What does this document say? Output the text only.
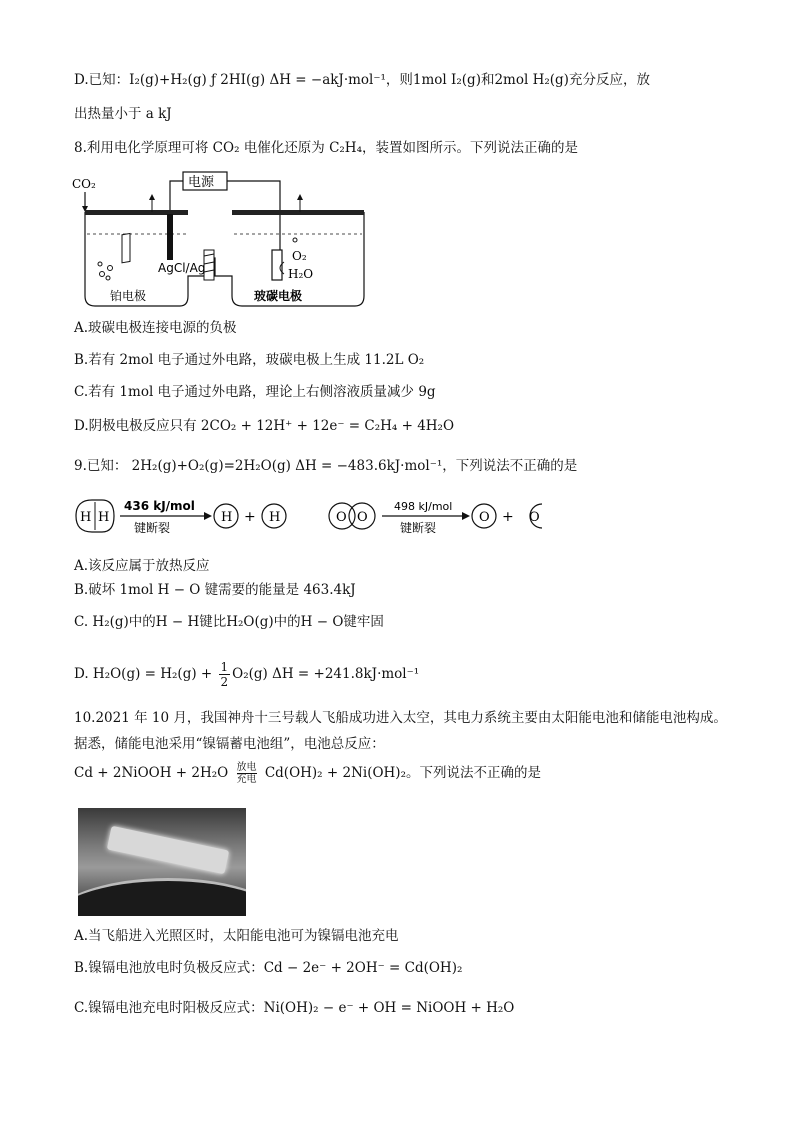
D.已知：I₂(g)+H₂(g) ƒ 2HI(g) ΔH = −akJ·mol⁻¹，则1mol I₂(g)和2mol H₂(g)充分反应，放
出热量小于 a kJ
8.利用电化学原理可将 CO₂ 电催化还原为 C₂H₄，装置如图所示。下列说法正确的是
CO₂	电源
AgCl/Ag
铂电极
O₂
H₂O
玻碳电极
A.玻碳电极连接电源的负极
B.若有 2mol 电子通过外电路，玻碳电极上生成 11.2L O₂
C.若有 1mol 电子通过外电路，理论上右侧溶液质量减少 9g
D.阴极电极反应只有 2CO₂ + 12H⁺ + 12e⁻ = C₂H₄ + 4H₂O
9.已知： 2H₂(g)+O₂(g)=2H₂O(g) ΔH = −483.6kJ·mol⁻¹，下列说法不正确的是
H H
436 kJ/mol
键断裂
H + H	O O
498 kJ/mol
键断裂
O + O
A.该反应属于放热反应
B.破坏 1mol H − O 键需要的能量是 463.4kJ
C. H₂(g)中的H − H键比H₂O(g)中的H − O键牢固
D. $H_2O(g) = H_2(g) + \frac{1}{2} O_2(g) \Delta H = +241.8kJ\cdot mol^{-1}$
10.2021 年 10 月，我国神舟十三号载人飞船成功进入太空，其电力系统主要由太阳能电池和储能电池构成。
据悉，储能电池采用“镍镉蓄电池组”，电池总反应：
Cd + 2NiOOH + 2H₂O 放电
充电 Cd(OH)₂ + 2Ni(OH)₂。下列说法不正确的是
A.当飞船进入光照区时，太阳能电池可为镍镉电池充电
B.镍镉电池放电时负极反应式：Cd − 2e⁻ + 2OH⁻ = Cd(OH)₂
C.镍镉电池充电时阳极反应式：Ni(OH)₂ − e⁻ + OH = NiOOH + H₂O
